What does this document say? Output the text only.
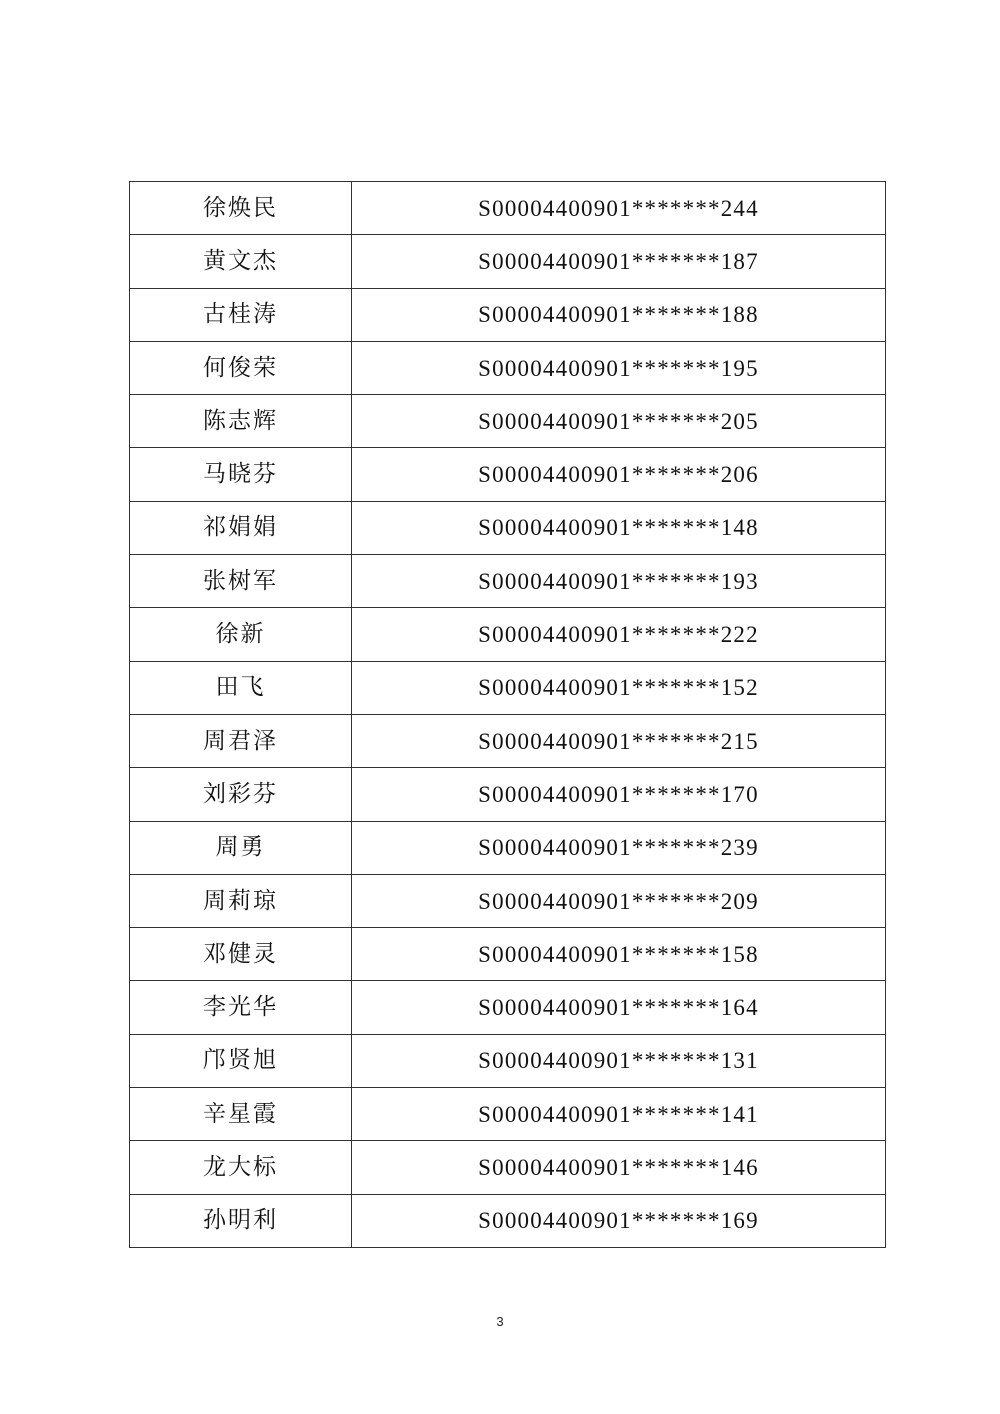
徐焕民	S00004400901*******244
黄文杰	S00004400901*******187
古桂涛	S00004400901*******188
何俊荣	S00004400901*******195
陈志辉	S00004400901*******205
马晓芬	S00004400901*******206
祁娟娟	S00004400901*******148
张树军	S00004400901*******193
徐新	S00004400901*******222
田飞	S00004400901*******152
周君泽	S00004400901*******215
刘彩芬	S00004400901*******170
周勇	S00004400901*******239
周莉琼	S00004400901*******209
邓健灵	S00004400901*******158
李光华	S00004400901*******164
邝贤旭	S00004400901*******131
辛星霞	S00004400901*******141
龙大标	S00004400901*******146
孙明利	S00004400901*******169
3
